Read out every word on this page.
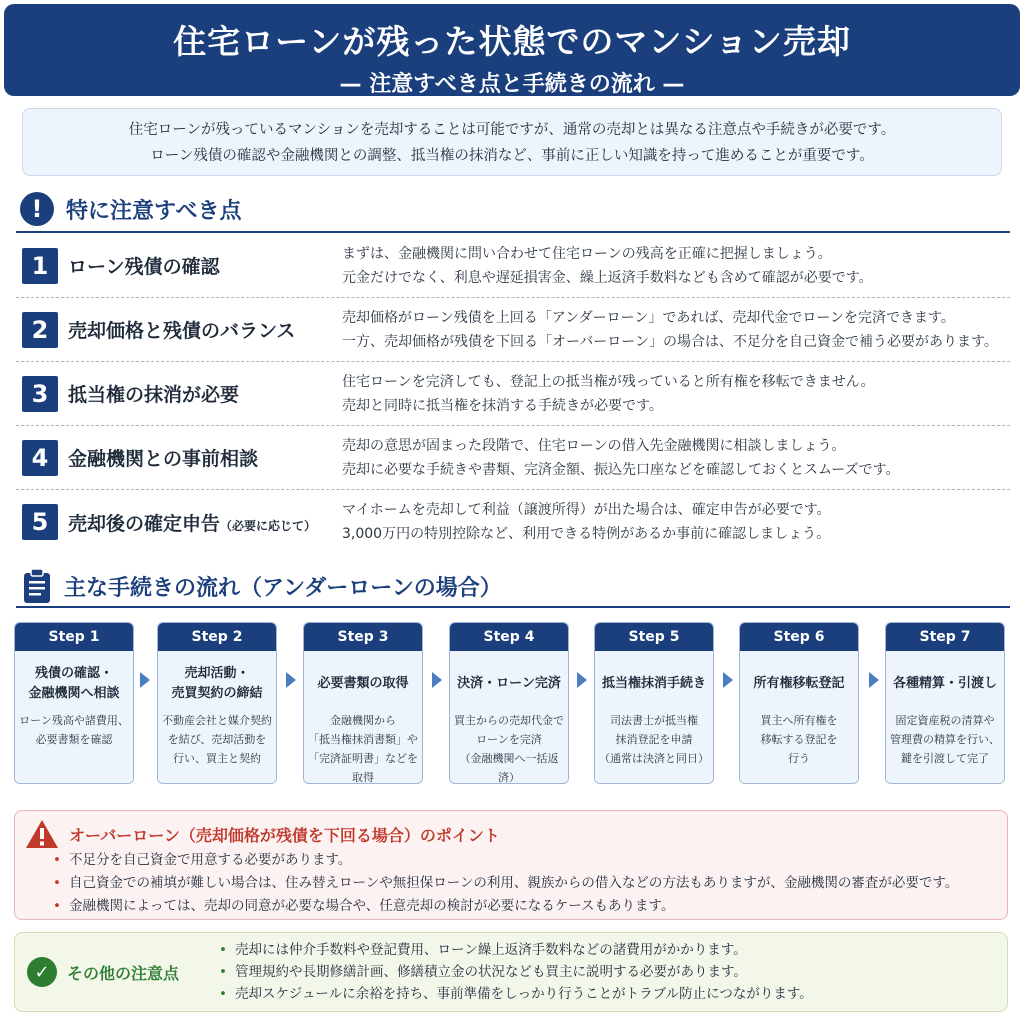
住宅ローンが残った状態でのマンション売却
— 注意すべき点と手続きの流れ —
住宅ローンが残っているマンションを売却することは可能ですが、通常の売却とは異なる注意点や手続きが必要です。
ローン残債の確認や金融機関との調整、抵当権の抹消など、事前に正しい知識を持って進めることが重要です。
!	特に注意すべき点
1	ローン残債の確認
まずは、金融機関に問い合わせて住宅ローンの残高を正確に把握しましょう。
元金だけでなく、利息や遅延損害金、繰上返済手数料なども含めて確認が必要です。
2	売却価格と残債のバランス
売却価格がローン残債を上回る「アンダーローン」であれば、売却代金でローンを完済できます。
一方、売却価格が残債を下回る「オーバーローン」の場合は、不足分を自己資金で補う必要があります。
3	抵当権の抹消が必要
住宅ローンを完済しても、登記上の抵当権が残っていると所有権を移転できません。
売却と同時に抵当権を抹消する手続きが必要です。
4	金融機関との事前相談
売却の意思が固まった段階で、住宅ローンの借入先金融機関に相談しましょう。
売却に必要な手続きや書類、完済金額、振込先口座などを確認しておくとスムーズです。
5	売却後の確定申告（必要に応じて）
マイホームを売却して利益（譲渡所得）が出た場合は、確定申告が必要です。
3,000万円の特別控除など、利用できる特例があるか事前に確認しましょう。
主な手続きの流れ（アンダーローンの場合）
Step 1
残債の確認・
金融機関へ相談
ローン残高や諸費用、
必要書類を確認
Step 2
売却活動・
売買契約の締結
不動産会社と媒介契約
を結び、売却活動を
行い、買主と契約
Step 3
必要書類の取得
金融機関から
「抵当権抹消書類」や
「完済証明書」などを
取得
Step 4
決済・ローン完済
買主からの売却代金で
ローンを完済
（金融機関へ一括返済）
Step 5
抵当権抹消手続き
司法書士が抵当権
抹消登記を申請
（通常は決済と同日）
Step 6
所有権移転登記
買主へ所有権を
移転する登記を
行う
Step 7
各種精算・引渡し
固定資産税の清算や
管理費の精算を行い、
鍵を引渡して完了
オーバーローン（売却価格が残債を下回る場合）のポイント
• 不足分を自己資金で用意する必要があります。
• 自己資金での補填が難しい場合は、住み替えローンや無担保ローンの利用、親族からの借入などの方法もありますが、金融機関の審査が必要です。
• 金融機関によっては、売却の同意が必要な場合や、任意売却の検討が必要になるケースもあります。
✓	その他の注意点
• 売却には仲介手数料や登記費用、ローン繰上返済手数料などの諸費用がかかります。
• 管理規約や長期修繕計画、修繕積立金の状況なども買主に説明する必要があります。
• 売却スケジュールに余裕を持ち、事前準備をしっかり行うことがトラブル防止につながります。
